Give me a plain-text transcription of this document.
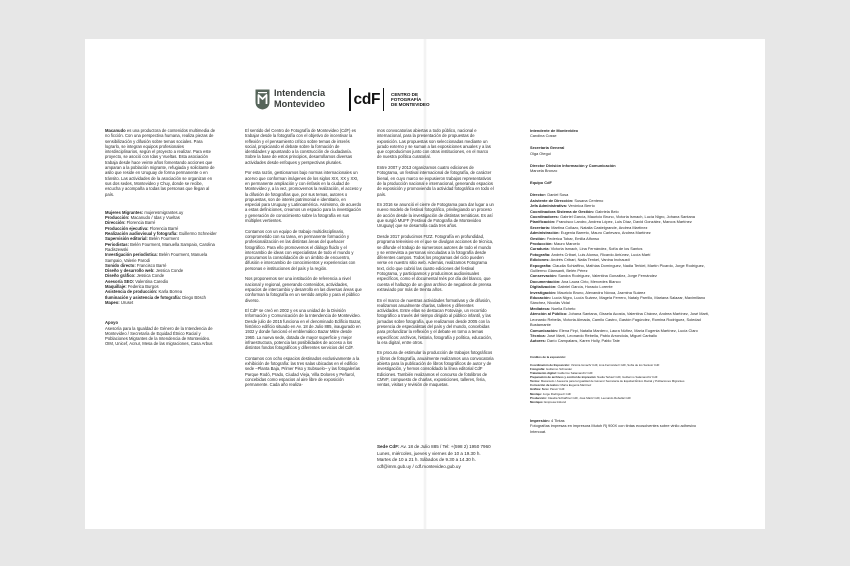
Intendencia
Montevideo cdF	CENTRO DE
FOTOGRAFÍA
DE MONTEVIDEO

Macanudo es una productora de contenidos multimedia de no ficción. Con una perspectiva humana, realiza piezas de sensibilización y difusión sobre temas sociales. Para lograrlo, se integran equipos profesionales interdisciplinarios, según el proyecto a realizar. Para este proyecto, se asoció con Idas y Vueltas. Esta asociación trabaja desde hace veinte años fomentando acciones que amparan a la población migrante, refugiada y solicitante de asilo que reside en Uruguay de forma permanente o en tránsito. Las actividades de la asociación se organizan en sus dos sedes, Montevideo y Chuy, donde se recibe, escucha y acompaña a todas las personas que llegan al país.

Mujeres Migrantes: mujeresmigrantes.uy
Producción: Macanudo / Idas y Vueltas
Dirección: Florencia Barré
Producción ejecutiva: Florencia Barré
Realización audiovisual y fotografía: Guillermo Schneider
Supervisión editorial: Belén Fourment
Periodistas: Belén Fourment, Manuella Sampaio, Carolina Radiszewski
Investigación periodística: Belén Fourment, Manuela Sampaio, Valerie Parodi
Sonido directo: Francisco Barré
Diseño y desarrollo web: Jessica Conde
Diseño gráfico: Jessica Conde
Asesoría SEO: Valentina Caredio
Maquillaje: Federica Burgos
Asistencia de producción: Karla Borrea
Iluminación y asistencia de fotografía: Diego Bösch
Mapeo: Uruset
Apoyo

Asesoría para la Igualdad de Género de la Intendencia de Montevideo / Secretaría de Equidad Étnico Racial y Poblaciones Migrantes de la Intendencia de Montevideo.

OIM, Unicef, Acnur, Mesa de las migraciones, Casa Arbus

El sentido del Centro de Fotografía de Montevideo (CdF) es trabajar desde la fotografía con el objetivo de incentivar la reflexión y el pensamiento crítico sobre temas de interés social, propiciando el debate sobre la formación de identidades y apuntando a la construcción de ciudadanía. Sobre la base de estos principios, desarrollamos diversas actividades desde enfoques y perspectivas plurales.

Por esta razón, gestionamos bajo normas internacionales un acervo que conforman imágenes de los siglos XIX, XX y XXI, en permanente ampliación y con énfasis en la ciudad de Montevideo y, a la vez, promovemos la realización, el acceso y la difusión de fotografías que, por sus temas, autores o propuestas, son de interés patrimonial e identitario, en especial para Uruguay y Latinoamérica. Asimismo, de acuerdo a estas definiciones, creamos un espacio para la investigación y generación de conocimiento sobre la fotografía en sus múltiples vertientes.

Contamos con un equipo de trabajo multidisciplinario, comprometido con su tarea, en permanente formación y profesionalización en las distintas áreas del quehacer fotográfico. Para ello promovemos el diálogo fluido y el intercambio de ideas con especialistas de todo el mundo y procuramos la consolidación de un ámbito de encuentro, difusión e intercambio de conocimientos y experiencias con personas e instituciones del país y la región.

Nos proponemos ser una institución de referencia a nivel nacional y regional, generando contenidos, actividades, espacios de intercambio y desarrollo en las diversas áreas que conforman la fotografía en un sentido amplio y para el público diverso.

El CdF se creó en 2002 y es una unidad de la División Información y Comunicación de la Intendencia de Montevideo. Desde julio de 2015 funciona en el denominado Edificio Bazar, histórico edificio situado en Av. 18 de Julio 885, inaugurado en 1932 y donde funcionó el emblemático Bazar Mitre desde 1960. La nueva sede, dotada de mayor superficie y mejor infraestructura, potencia las posibilidades de acceso a los distintos fondos fotográficos y diferentes servicios del CdF.

Contamos con ocho espacios destinados exclusivamente a la exhibición de fotografía: las tres salas ubicadas en el edificio sede –Planta Baja, Primer Piso y Subsuelo– y las fotogalerías Parque Rodó, Prado, Ciudad Vieja, Villa Dolores y Peñarol, concebidas como espacios al aire libre de exposición permanente. Cada año realiza-

mos convocatorias abiertas a todo público, nacional e internacional, para la presentación de propuestas de exposición. Las propuestas son seleccionadas mediante un jurado externo y se suman a las exposiciones anuales y a las que coproducimos junto con otras instituciones, en el marco de nuestra política curatorial.

Entre 2007 y 2013 organizamos cuatro ediciones de Fotograma, un festival internacional de fotografía, de carácter bienal, en cuyo marco se expusieron trabajos representativos de la producción nacional e internacional, generando espacios de exposición y promoviendo la actividad fotográfica en todo el país.

En 2016 se anunció el cierre de Fotograma para dar lugar a un nuevo modelo de festival fotográfico, privilegiando un proceso de acción desde la investigación de distintas temáticas. Es así que surgió MUFF (Festival de Fotografía de Montevideo Uruguay) que se desarrolla cada tres años.

Desde 2017 producimos FIZZ. Fotografía en profundidad, programa televisivo en el que se divulgan acciones de técnica, se difunde el trabajo de numerosos autores de todo el mundo y se entrevista a personas vinculadas a la fotografía desde diferentes campos. Todos los programas del ciclo pueden verse en nuestro sitio web. Además, realizamos Fotograma text, ciclo que cubrió las cuatro ediciones del festival Fotograma, y participamos y producimos audiovisuales específicos, como el documental Inés por día del blanco, que cuenta el hallazgo de un gran archivo de negativos de prensa extraviado por más de treinta años.

En el marco de nuestras actividades formativas y de difusión, realizamos anualmente charlas, talleres y diferentes actividades. Entre ellas se destacan Fotoviaje, un recorrido fotográfico a través del tiempo dirigido al público infantil, y las jornadas sobre fotografía, que realizamos desde 2005 con la presencia de especialistas del país y del mundo, concebidas para profundizar la reflexión y el debate en torno a temas específicos: archivos, historia, fotografía y política, educación, la era digital, entre otros.

En procura de estimular la producción de trabajos fotográficos y libros de fotografía, anualmente realizamos una convocatoria abierta para la publicación de libros fotográficos de autor y de investigación, y hemos consolidado la línea editorial CdF Ediciones. También realizamos el concurso de fotolibros de CMVF, compuesto de charlas, exposiciones, talleres, feria, ventas, visitas y revisión de maquetas.

Sede CdF: Av. 18 de Julio 885 / Tel: +(598 2) 1950 7960
Lunes, miércoles, jueves y viernes de 10 a 19.30 h.
Martes de 10 a 21 h. Sábados de 9.30 a 14.30 h.
cdf@imm.gub.uy / cdf.montevideo.gub.uy
Intendente de Montevideo
Carolina Cosse
Secretaria General
Olga Otegui
Director División Información y Comunicación
Marcela Bronzo
Equipo CdF
Director: Daniel Sosa
Asistente de Dirección: Susana Centeno
Jefa Administrativa: Verónica Berrio
Coordinadora Sistema de Gestión: Gabriela Belo
Coordinadores: Gabriel García, Mauricio Bruno, Victoria Ismach, Lucía Nigro, Johana Santana
Planificación: Francisco Landro, Andrea López, Luis Díaz, David González, Marcos Martínez
Secretaría: Martina Collazo, Natalia Castelgrande, Andrea Martínez
Administración: Eugenia Barreto, Mauro Carlevaro, Andrea Martínez
Gestión: Federica Tobar, Emilia Alfonso
Producción: Mauro Marcelo
Curaduría: Victoria Ismach, Lina Fernández, Sofía de los Santos
Fotografía: Andrés Cribari, Luis Alonso, Ricardo Antúnez, Lucía Martí
Ediciones: Andrés Cribari, Natia Tenkel, Vanina Inchausti
Expografía: Claudia Schiaffino, Mathías Domínguez, Nadia Terkiel, Martín Picardo, Jorge Rodríguez, Guillermo Giansanti, Belén Pérez
Conservación: Sandra Rodríguez, Valentina González, Jorge Fernández
Documentación: Ana Laura Cirio, Mercedes Blanco
Digitalización: Gabriel García, Horacio Lorente
Investigación: Mauricio Bruno, Alexandra Nóvoa, Jazmina Suárez
Educación: Lucía Nigro, Lucía Suárez, Magela Ferrero, Nataly Parrillo, Mariana Salazar, Maximiliano Sánchez, Nicolás Vidal
Mediateca: Noelia Echeto
Atención al Público: Johana Santana, Gissela Acosta, Valentina Chávez, Andrea Martínez, José Martí, Leonardo Rebella, Victoria Almada, Camilo Castro, Gastón Fagúndez, Romina Rodríguez, Soledad Bustamante
Comunicación: Elena Firpi, Natalia Mardero, Laura Núñez, María Eugenia Martínez, Lucía Claro
Técnica: José Martí, Leonardo Rebella, Pablo Arrondola, Miguel Carballo
Autores: Darío Campalans, Karen Holly, Pablo Tate
Créditos de la exposición:
Coordinación de Exposición: Victoria Ismach/ CdF, Lina Fernández/ CdF, Sofía de los Santos/ CdF
Fotografía: Guillermo Schneider
Tratamiento digital: Guillermo Salamanchi/ CdF
Preparación de archivos y control de impresión: Nadia Terkiel/ CdF, Guillermo Salamanchi/ CdF
Textos: Macanudo / Asesoría para la Igualdad de Género/ Secretaría de Equidad Étnico Racial y Poblaciones Migrantes
Corrección de textos: María Eugenia Martínez
Gráfica: Belén Pérez/ CdF
Montaje: Jorge Rodríguez/ CdF
Producción: Claudia Schiaffino/ CdF, José Martí/ CdF, Leonardo Rebella/ CdF
Montajes: Empresa Inkiund
Impresión: 4 Tintas
Fotografías impresas en impresora Mutoh Rj 900X con tintas ecosolventes sobre vinilo adhesivo Intercoat.
